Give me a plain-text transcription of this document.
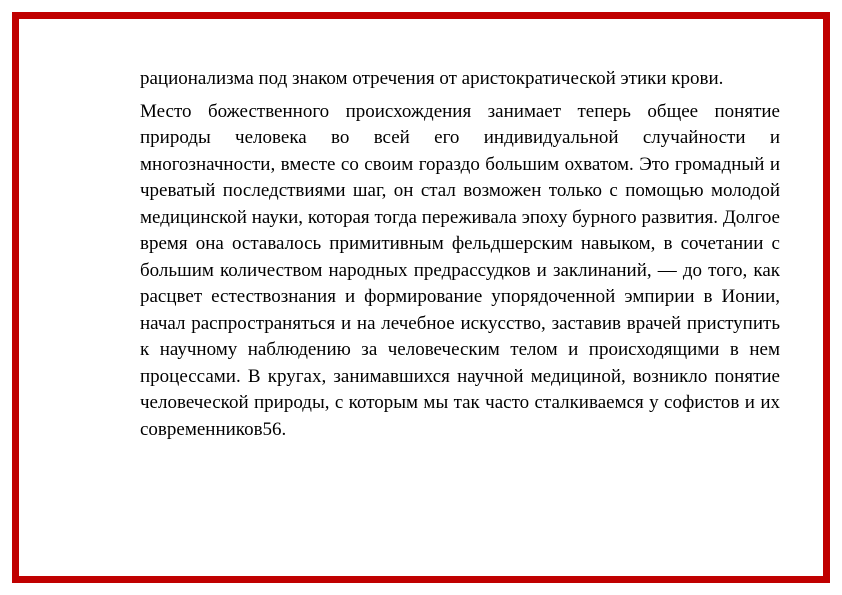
рационализма под знаком отречения от аристократической этики крови.

Место божественного происхождения занимает теперь общее понятие природы человека во всей его индивидуальной случайности и многозначности, вместе со своим гораздо большим охватом. Это громадный и чреватый последствиями шаг, он стал возможен только с помощью молодой медицинской науки, которая тогда переживала эпоху бурного развития. Долгое время она оставалось примитивным фельдшерским навыком, в сочетании с большим количеством народных предрассудков и заклинаний, — до того, как расцвет естествознания и формирование упорядоченной эмпирии в Ионии, начал распространяться и на лечебное искусство, заставив врачей приступить к научному наблюдению за человеческим телом и происходящими в нем процессами. В кругах, занимавшихся научной медициной, возникло понятие человеческой природы, с которым мы так часто сталкиваемся у софистов и их современников56.
